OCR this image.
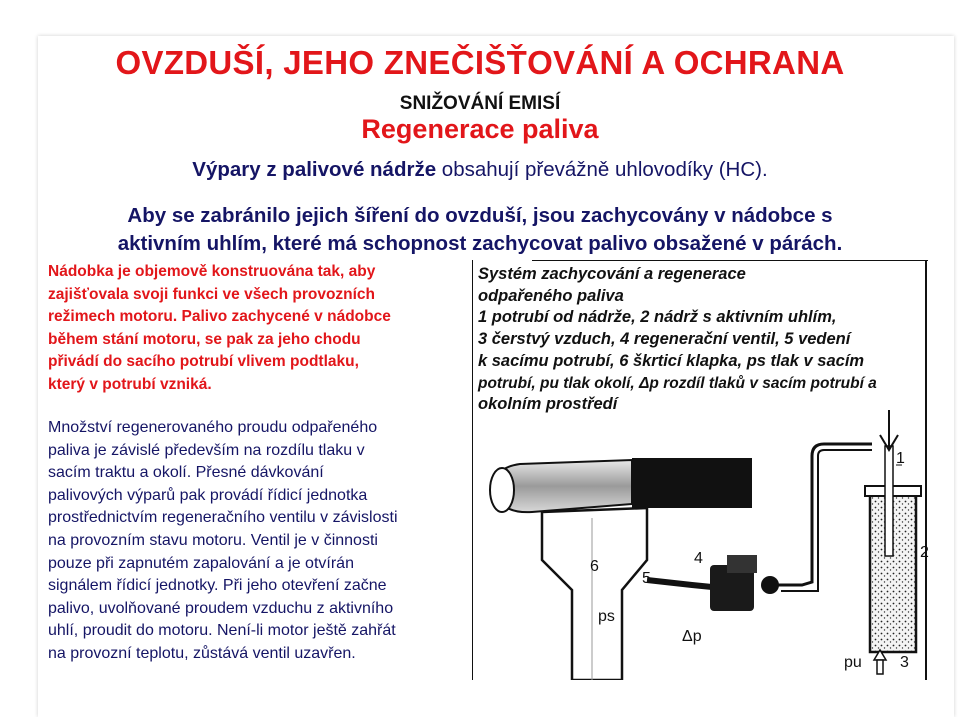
OVZDUŠÍ, JEHO ZNEČIŠŤOVÁNÍ A OCHRANA
SNIŽOVÁNÍ EMISÍ
Regenerace paliva
Výpary z palivové nádrže obsahují převážně uhlovodíky (HC).
Aby se zabránilo jejich šíření do ovzduší, jsou zachycovány v nádobce s
aktivním uhlím, které má schopnost zachycovat palivo obsažené v párách.
Nádobka je objemově konstruována tak, aby
zajišťovala svoji funkci ve všech provozních
režimech motoru. Palivo zachycené v nádobce
během stání motoru, se pak za jeho chodu
přivádí do sacího potrubí vlivem podtlaku,
který v potrubí vzniká.
Množství regenerovaného proudu odpařeného
paliva je závislé především na rozdílu tlaku v
sacím traktu a okolí. Přesné dávkování
palivových výparů pak provádí řídicí jednotka
prostřednictvím regeneračního ventilu v závislosti
na provozním stavu motoru. Ventil je v činnosti
pouze při zapnutém zapalování a je otvírán
signálem řídicí jednotky. Při jeho otevření začne
palivo, uvolňované proudem vzduchu z aktivního
uhlí, proudit do motoru. Není-li motor ještě zahřát
na provozní teplotu, zůstává ventil uzavřen.
Systém zachycování a regenerace
odpařeného paliva
1 potrubí od nádrže, 2 nádrž s aktivním uhlím,
3 čerstvý vzduch, 4 regenerační ventil, 5 vedení
k sacímu potrubí, 6 škrticí klapka, ps tlak v sacím
potrubí, pu tlak okolí, Δp rozdíl tlaků v sacím potrubí a
okolním prostředí
1
2
3
4
5
6
ps
Δp
pu
